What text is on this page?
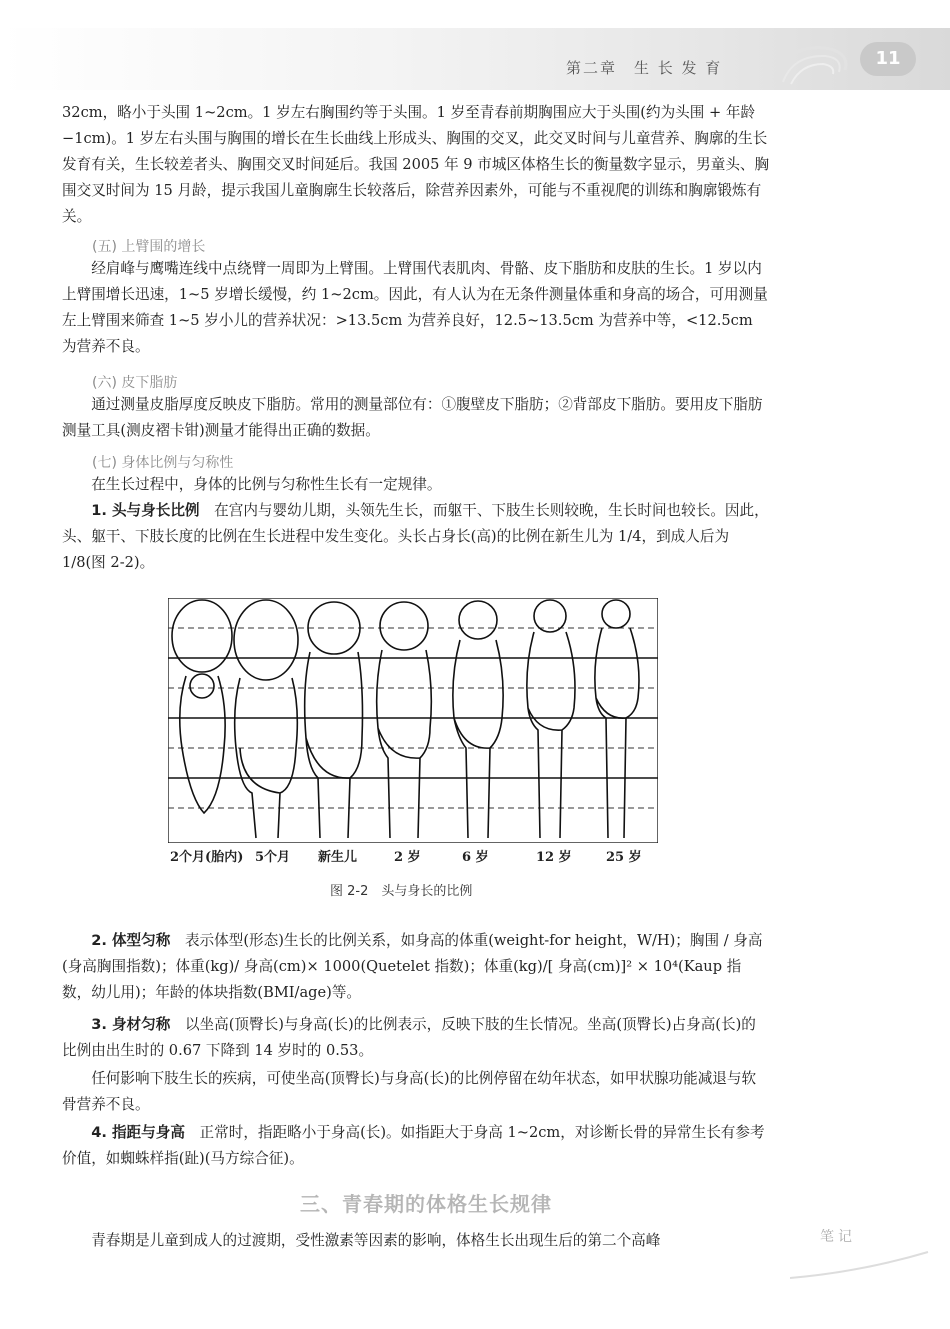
第二章　生 长 发 育	11
32cm，略小于头围 1~2cm。1 岁左右胸围约等于头围。1 岁至青春前期胸围应大于头围(约为头围 + 年龄 −1cm)。1 岁左右头围与胸围的增长在生长曲线上形成头、胸围的交叉，此交叉时间与儿童营养、胸廓的生长发育有关，生长较差者头、胸围交叉时间延后。我国 2005 年 9 市城区体格生长的衡量数字显示，男童头、胸围交叉时间为 15 月龄，提示我国儿童胸廓生长较落后，除营养因素外，可能与不重视爬的训练和胸廓锻炼有关。
(五) 上臂围的增长
经肩峰与鹰嘴连线中点绕臂一周即为上臂围。上臂围代表肌肉、骨骼、皮下脂肪和皮肤的生长。1 岁以内上臂围增长迅速，1~5 岁增长缓慢，约 1~2cm。因此，有人认为在无条件测量体重和身高的场合，可用测量左上臂围来筛查 1~5 岁小儿的营养状况：>13.5cm 为营养良好，12.5~13.5cm 为营养中等，<12.5cm 为营养不良。
(六) 皮下脂肪
通过测量皮脂厚度反映皮下脂肪。常用的测量部位有：①腹壁皮下脂肪；②背部皮下脂肪。要用皮下脂肪测量工具(测皮褶卡钳)测量才能得出正确的数据。
(七) 身体比例与匀称性
在生长过程中，身体的比例与匀称性生长有一定规律。
1. 头与身长比例　 在宫内与婴幼儿期，头领先生长，而躯干、下肢生长则较晚，生长时间也较长。因此，头、躯干、下肢长度的比例在生长进程中发生变化。头长占身长(高)的比例在新生儿为 1/4，到成人后为 1/8(图 2-2)。
2个月(胎内) 5个月 新生儿	2 岁	6 岁	12 岁	25 岁
图 2-2　头与身长的比例
2. 体型匀称　 表示体型(形态)生长的比例关系，如身高的体重(weight-for height，W/H)；胸围 / 身高(身高胸围指数)；体重(kg)/ 身高(cm)× 1000(Quetelet 指数)；体重(kg)/[ 身高(cm)]² × 10⁴(Kaup 指数，幼儿用)；年龄的体块指数(BMI/age)等。
3. 身材匀称　 以坐高(顶臀长)与身高(长)的比例表示，反映下肢的生长情况。坐高(顶臀长)占身高(长)的比例由出生时的 0.67 下降到 14 岁时的 0.53。
任何影响下肢生长的疾病，可使坐高(顶臀长)与身高(长)的比例停留在幼年状态，如甲状腺功能减退与软骨营养不良。
4. 指距与身高　 正常时，指距略小于身高(长)。如指距大于身高 1~2cm，对诊断长骨的异常生长有参考价值，如蜘蛛样指(趾)(马方综合征)。
三、青春期的体格生长规律
青春期是儿童到成人的过渡期，受性激素等因素的影响，体格生长出现生后的第二个高峰	笔记
